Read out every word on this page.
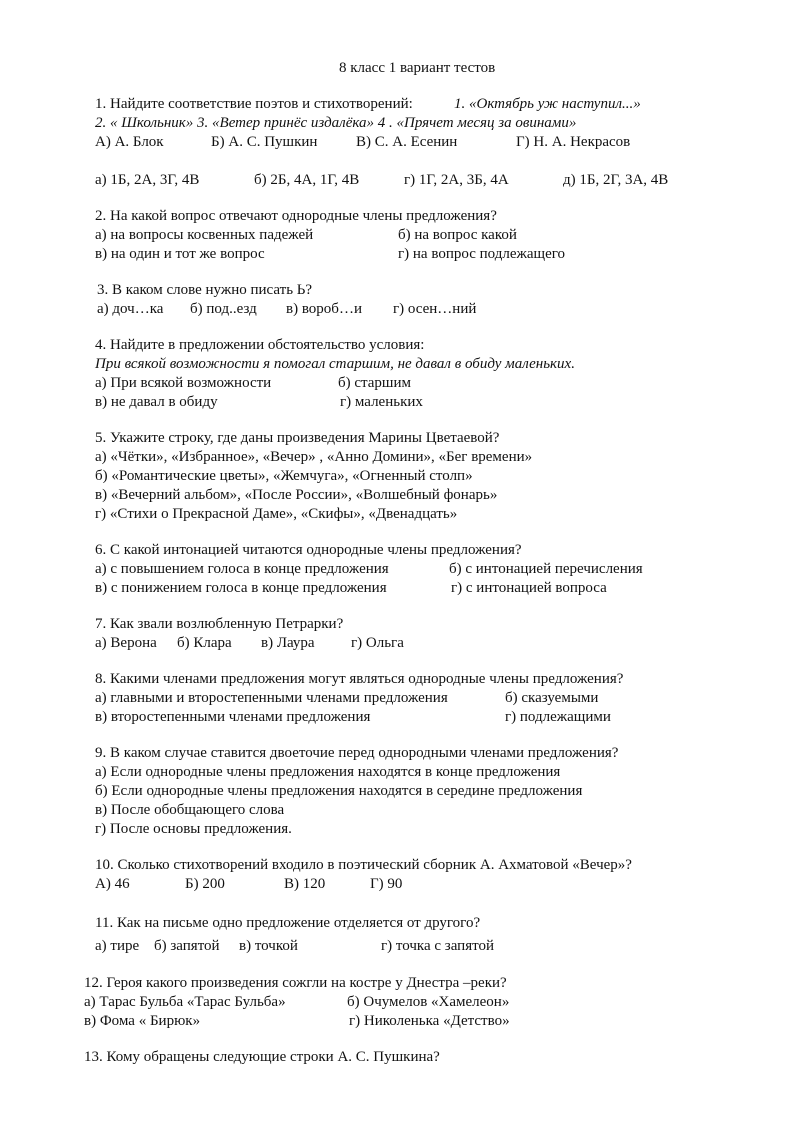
8 класс 1 вариант тестов
1. Найдите соответствие поэтов и стихотворений:	1. «Октябрь уж наступил...»
2. « Школьник» 3. «Ветер принёс издалёка» 4 . «Прячет месяц за овинами»
А) А. Блок	Б) А. С. Пушкин	В) С. А. Есенин	Г) Н. А. Некрасов
а) 1Б, 2А, 3Г, 4В	б) 2Б, 4А, 1Г, 4В	г) 1Г, 2А, 3Б, 4А	д) 1Б, 2Г, 3А, 4В
2. На какой вопрос отвечают однородные члены предложения?
а) на вопросы косвенных падежей	б) на вопрос какой
в) на один и тот же вопрос	г) на вопрос подлежащего
3. В каком слове нужно писать Ь?
а) доч…ка б) под..езд в) вороб…и г) осен…ний
4. Найдите в предложении обстоятельство условия:
При всякой возможности я помогал старшим, не давал в обиду маленьких.
а) При всякой возможности	б) старшим
в) не давал в обиду	г) маленьких
5. Укажите строку, где даны произведения Марины Цветаевой?
а) «Чётки», «Избранное», «Вечер» , «Анно Домини», «Бег времени»
б) «Романтические цветы», «Жемчуга», «Огненный столп»
в) «Вечерний альбом», «После России», «Волшебный фонарь»
г) «Стихи о Прекрасной Даме», «Скифы», «Двенадцать»
6. С какой интонацией читаются однородные члены предложения?
а) с повышением голоса в конце предложения	б) с интонацией перечисления
в) с понижением голоса в конце предложения	г) с интонацией вопроса
7. Как звали возлюбленную Петрарки?
а) Верона б) Клара в) Лаура г) Ольга
8. Какими членами предложения могут являться однородные члены предложения?
а) главными и второстепенными членами предложения	б) сказуемыми
в) второстепенными членами предложения	г) подлежащими
9. В каком случае ставится двоеточие перед однородными членами предложения?
а) Если однородные члены предложения находятся в конце предложения
б) Если однородные члены предложения находятся в середине предложения
в) После обобщающего слова
г) После основы предложения.
10. Сколько стихотворений входило в поэтический сборник А. Ахматовой «Вечер»?
А) 46	Б) 200	В) 120	Г) 90
11. Как на письме одно предложение отделяется от другого?
а) тире б) запятой в) точкой	г) точка с запятой
12. Героя какого произведения сожгли на костре у Днестра –реки?
а) Тарас Бульба «Тарас Бульба»	б) Очумелов «Хамелеон»
в) Фома « Бирюк»	г) Николенька «Детство»
13. Кому обращены следующие строки А. С. Пушкина?
